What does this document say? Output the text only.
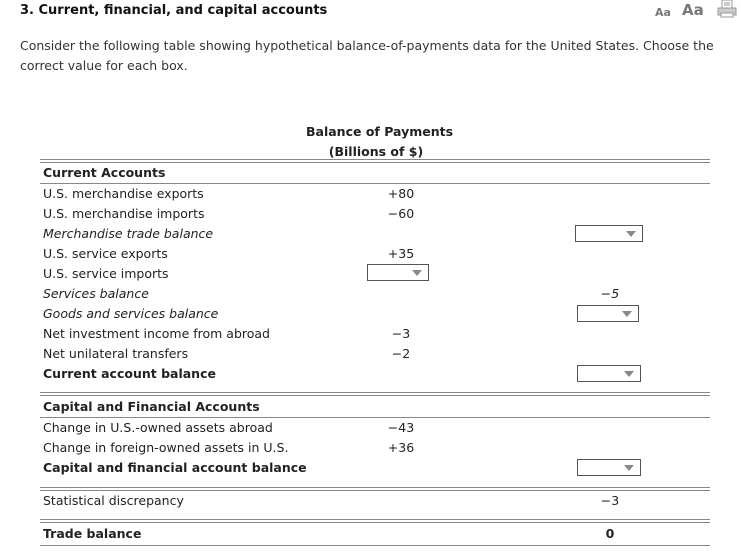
3. Current, financial, and capital accounts	Aa Aa
Consider the following table showing hypothetical balance-of-payments data for the United States. Choose the correct value for each box.
Balance of Payments
(Billions of $)
Current Accounts
U.S. merchandise exports	+80
U.S. merchandise imports	−60
Merchandise trade balance
U.S. service exports	+35
U.S. service imports
Services balance	−5
Goods and services balance
Net investment income from abroad	−3
Net unilateral transfers	−2
Current account balance
Capital and Financial Accounts
Change in U.S.-owned assets abroad	−43
Change in foreign-owned assets in U.S.	+36
Capital and financial account balance
Statistical discrepancy	−3
Trade balance	0
